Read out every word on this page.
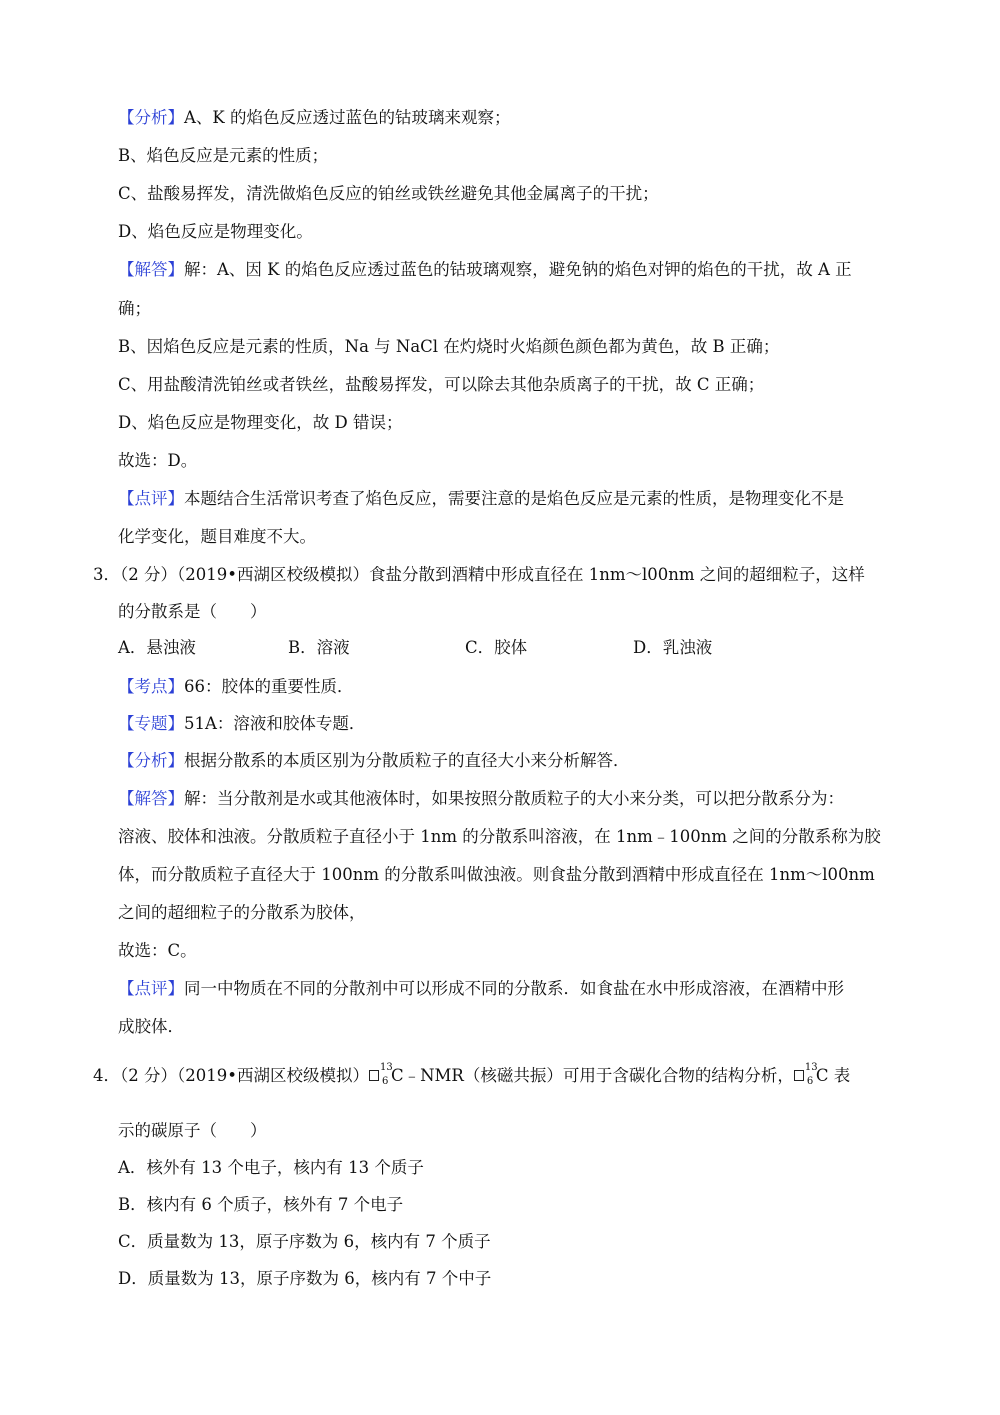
【分析】A、K 的焰色反应透过蓝色的钴玻璃来观察；
B、焰色反应是元素的性质；
C、盐酸易挥发，清洗做焰色反应的铂丝或铁丝避免其他金属离子的干扰；
D、焰色反应是物理变化。
【解答】解：A、因 K 的焰色反应透过蓝色的钴玻璃观察，避免钠的焰色对钾的焰色的干扰，故 A 正
确；
B、因焰色反应是元素的性质，Na 与 NaCl 在灼烧时火焰颜色颜色都为黄色，故 B 正确；
C、用盐酸清洗铂丝或者铁丝，盐酸易挥发，可以除去其他杂质离子的干扰，故 C 正确；
D、焰色反应是物理变化，故 D 错误；
故选：D。
【点评】本题结合生活常识考查了焰色反应，需要注意的是焰色反应是元素的性质，是物理变化不是
化学变化，题目难度不大。
3．（2 分）（2019•西湖区校级模拟）食盐分散到酒精中形成直径在 1nm～l00nm 之间的超细粒子，这样
的分散系是（　　）
A．悬浊液	B．溶液	C．胶体	D．乳浊液
【考点】66：胶体的重要性质．
【专题】51A：溶液和胶体专题．
【分析】根据分散系的本质区别为分散质粒子的直径大小来分析解答．
【解答】解：当分散剂是水或其他液体时，如果按照分散质粒子的大小来分类，可以把分散系分为：
溶液、胶体和浊液。分散质粒子直径小于 1nm 的分散系叫溶液，在 1nm﹣100nm 之间的分散系称为胶
体，而分散质粒子直径大于 100nm 的分散系叫做浊液。则食盐分散到酒精中形成直径在 1nm～l00nm
之间的超细粒子的分散系为胶体，
故选：C。
【点评】同一中物质在不同的分散剂中可以形成不同的分散系．如食盐在水中形成溶液，在酒精中形
成胶体．
4．（2 分）（2019•西湖区校级模拟） 13
6 C﹣NMR（核磁共振）可用于含碳化合物的结构分析， 13
6 C 表
示的碳原子（　　）
A．核外有 13 个电子，核内有 13 个质子
B．核内有 6 个质子，核外有 7 个电子
C．质量数为 13，原子序数为 6，核内有 7 个质子
D．质量数为 13，原子序数为 6，核内有 7 个中子
